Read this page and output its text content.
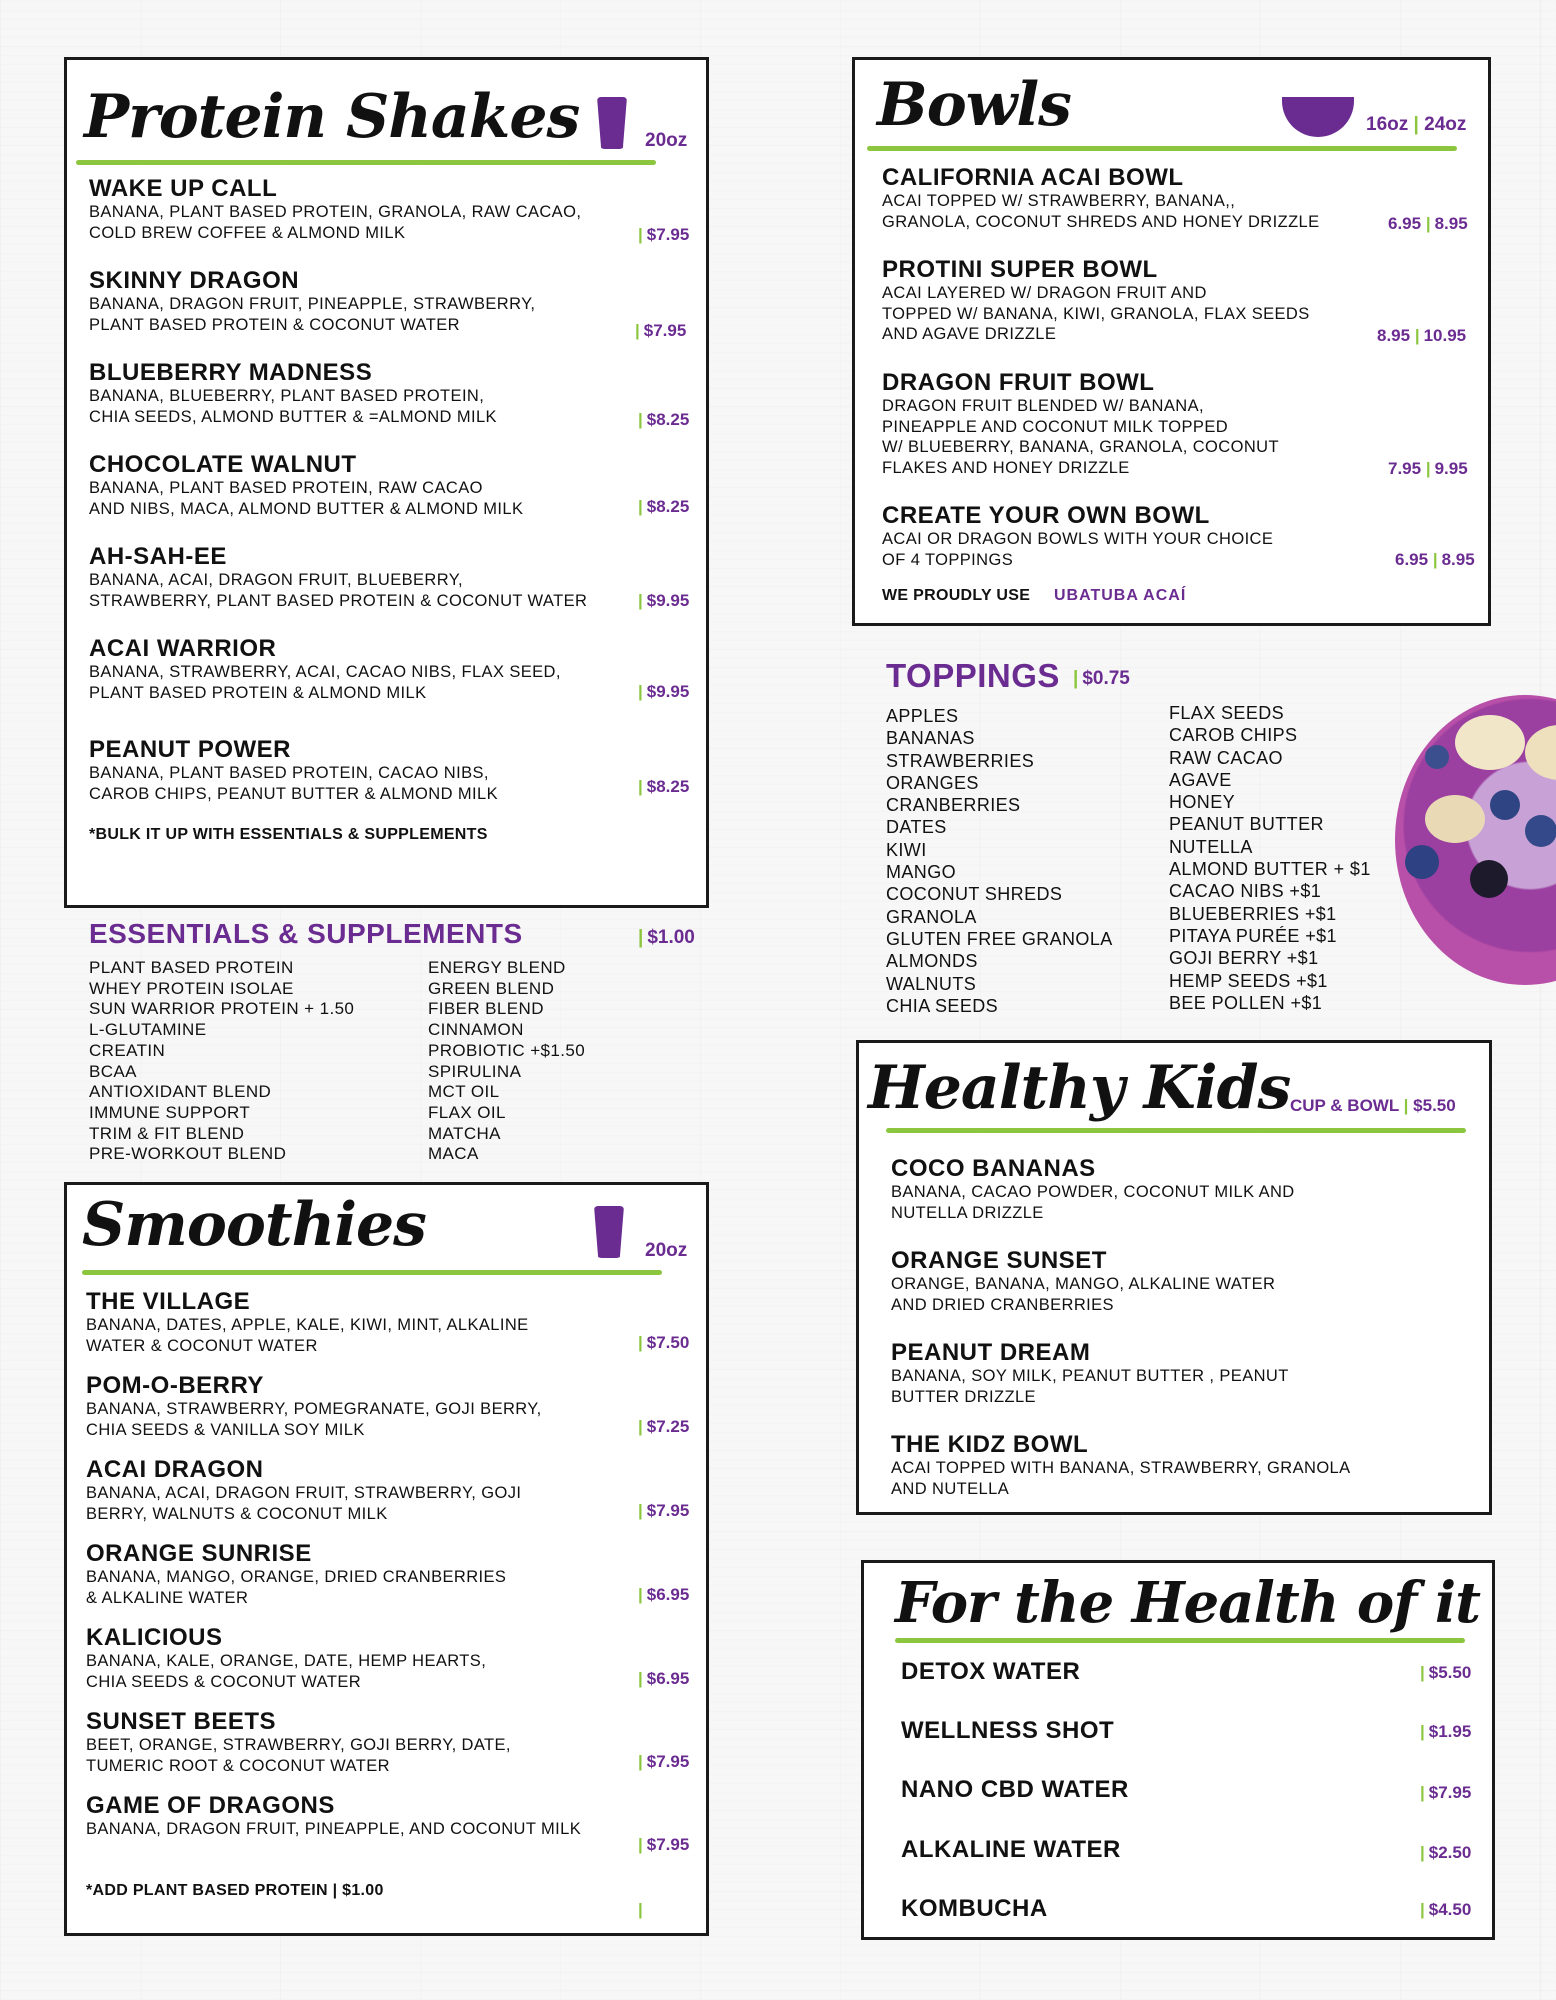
Protein Shakes	20oz
WAKE UP CALL
BANANA, PLANT BASED PROTEIN, GRANOLA, RAW CACAO,
COLD BREW COFFEE & ALMOND MILK	| $7.95
SKINNY DRAGON
BANANA, DRAGON FRUIT, PINEAPPLE, STRAWBERRY,
PLANT BASED PROTEIN & COCONUT WATER	| $7.95
BLUEBERRY MADNESS
BANANA, BLUEBERRY, PLANT BASED PROTEIN,
CHIA SEEDS, ALMOND BUTTER & =ALMOND MILK	| $8.25
CHOCOLATE WALNUT
BANANA, PLANT BASED PROTEIN, RAW CACAO
AND NIBS, MACA, ALMOND BUTTER & ALMOND MILK	| $8.25
AH-SAH-EE
BANANA, ACAI, DRAGON FRUIT, BLUEBERRY,
STRAWBERRY, PLANT BASED PROTEIN & COCONUT WATER	| $9.95
ACAI WARRIOR
BANANA, STRAWBERRY, ACAI, CACAO NIBS, FLAX SEED,
PLANT BASED PROTEIN & ALMOND MILK	| $9.95
PEANUT POWER
BANANA, PLANT BASED PROTEIN, CACAO NIBS,
CAROB CHIPS, PEANUT BUTTER & ALMOND MILK	| $8.25
*BULK IT UP WITH ESSENTIALS & SUPPLEMENTS
ESSENTIALS & SUPPLEMENTS	| $1.00
PLANT BASED PROTEIN
WHEY PROTEIN ISOLAE
SUN WARRIOR PROTEIN + 1.50
L-GLUTAMINE
CREATIN
BCAA
ANTIOXIDANT BLEND
IMMUNE SUPPORT
TRIM & FIT BLEND
PRE-WORKOUT BLEND
ENERGY BLEND
GREEN BLEND
FIBER BLEND
CINNAMON
PROBIOTIC +$1.50
SPIRULINA
MCT OIL
FLAX OIL
MATCHA
MACA
Smoothies	20oz
THE VILLAGE
BANANA, DATES, APPLE, KALE, KIWI, MINT, ALKALINE
WATER & COCONUT WATER	| $7.50
POM-O-BERRY
BANANA, STRAWBERRY, POMEGRANATE, GOJI BERRY,
CHIA SEEDS & VANILLA SOY MILK	| $7.25
ACAI DRAGON
BANANA, ACAI, DRAGON FRUIT, STRAWBERRY, GOJI
BERRY, WALNUTS & COCONUT MILK	| $7.95
ORANGE SUNRISE
BANANA, MANGO, ORANGE, DRIED CRANBERRIES
& ALKALINE WATER	| $6.95
KALICIOUS
BANANA, KALE, ORANGE, DATE, HEMP HEARTS,
CHIA SEEDS & COCONUT WATER	| $6.95
SUNSET BEETS
BEET, ORANGE, STRAWBERRY, GOJI BERRY, DATE,
TUMERIC ROOT & COCONUT WATER	| $7.95
GAME OF DRAGONS
BANANA, DRAGON FRUIT, PINEAPPLE, AND COCONUT MILK
| $7.95
*ADD PLANT BASED PROTEIN | $1.00
|
Bowls	16oz | 24oz
CALIFORNIA ACAI BOWL
ACAI TOPPED W/ STRAWBERRY, BANANA,,
GRANOLA, COCONUT SHREDS AND HONEY DRIZZLE	6.95 | 8.95
PROTINI SUPER BOWL
ACAI LAYERED W/ DRAGON FRUIT AND
TOPPED W/ BANANA, KIWI, GRANOLA, FLAX SEEDS
AND AGAVE DRIZZLE	8.95 | 10.95
DRAGON FRUIT BOWL
DRAGON FRUIT BLENDED W/ BANANA,
PINEAPPLE AND COCONUT MILK TOPPED
W/ BLUEBERRY, BANANA, GRANOLA, COCONUT
FLAKES AND HONEY DRIZZLE	7.95 | 9.95
CREATE YOUR OWN BOWL
ACAI OR DRAGON BOWLS WITH YOUR CHOICE
OF 4 TOPPINGS	6.95 | 8.95
WE PROUDLY USE UBATUBA ACAÍ
TOPPINGS | $0.75
APPLES
BANANAS
STRAWBERRIES
ORANGES
CRANBERRIES
DATES
KIWI
MANGO
COCONUT SHREDS
GRANOLA
GLUTEN FREE GRANOLA
ALMONDS
WALNUTS
CHIA SEEDS
FLAX SEEDS
CAROB CHIPS
RAW CACAO
AGAVE
HONEY
PEANUT BUTTER
NUTELLA
ALMOND BUTTER + $1
CACAO NIBS +$1
BLUEBERRIES +$1
PITAYA PURÉE +$1
GOJI BERRY +$1
HEMP SEEDS +$1
BEE POLLEN +$1
Healthy Kids CUP & BOWL | $5.50
COCO BANANAS
BANANA, CACAO POWDER, COCONUT MILK AND
NUTELLA DRIZZLE
ORANGE SUNSET
ORANGE, BANANA, MANGO, ALKALINE WATER
AND DRIED CRANBERRIES
PEANUT DREAM
BANANA, SOY MILK, PEANUT BUTTER , PEANUT
BUTTER DRIZZLE
THE KIDZ BOWL
ACAI TOPPED WITH BANANA, STRAWBERRY, GRANOLA
AND NUTELLA
For the Health of it
DETOX WATER	| $5.50
WELLNESS SHOT	| $1.95
NANO CBD WATER	| $7.95
ALKALINE WATER	| $2.50
KOMBUCHA	| $4.50
